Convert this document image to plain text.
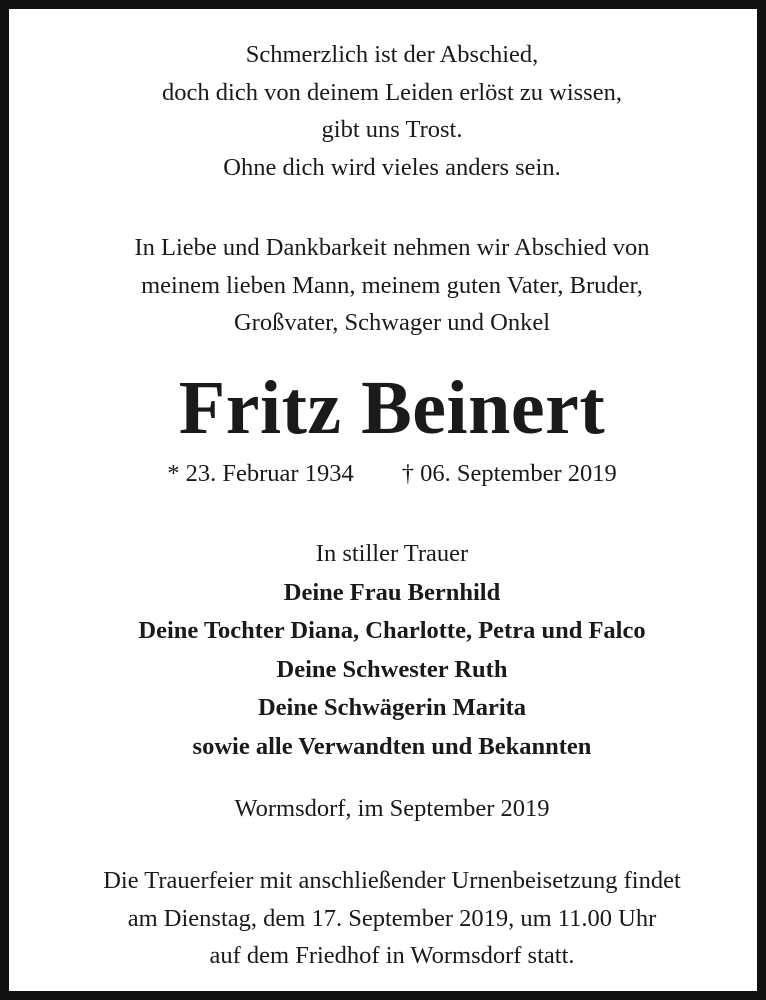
Schmerzlich ist der Abschied,
doch dich von deinem Leiden erlöst zu wissen,
gibt uns Trost.
Ohne dich wird vieles anders sein.
In Liebe und Dankbarkeit nehmen wir Abschied von
meinem lieben Mann, meinem guten Vater, Bruder,
Großvater, Schwager und Onkel
Fritz Beinert
* 23. Februar 1934 † 06. September 2019
In stiller Trauer
Deine Frau Bernhild
Deine Tochter Diana, Charlotte, Petra und Falco
Deine Schwester Ruth
Deine Schwägerin Marita
sowie alle Verwandten und Bekannten
Wormsdorf, im September 2019
Die Trauerfeier mit anschließender Urnenbeisetzung findet
am Dienstag, dem 17. September 2019, um 11.00 Uhr
auf dem Friedhof in Wormsdorf statt.
